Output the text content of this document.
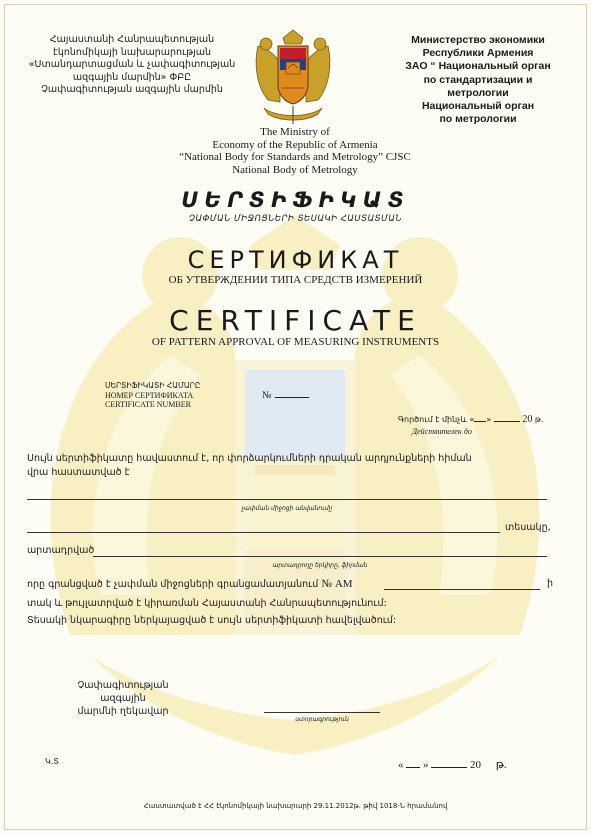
Հայաստանի Հանրապետության
էկոնոմիկայի նախարարության
«Ստանդարտացման և չափագիտության
ազգային մարմին» ՓԲԸ
Չափագիտության ազգային մարմին
Министерство экономики
Республики Армения
ЗАО “ Национальный орган
по стандартизации и метрологии
Национальный орган
по метрологии
The Ministry of
Economy of the Republic of Armenia
“National Body for Standards and Metrology” CJSC
National Body of Metrology
ՍԵՐՏԻՖԻԿԱՏ
ՉԱՓՄԱՆ ՄԻՋՈՑՆԵՐԻ ՏԵՍԱԿԻ ՀԱՍՏԱՏՄԱՆ
СЕРТИФИКАТ
ОБ УТВЕРЖДЕНИИ ТИПА СРЕДСТВ ИЗМЕРЕНИЙ
CERTIFICATE
OF PATTERN APPROVAL OF MEASURING INSTRUMENTS
ՍԵՐՏԻՖԻԿԱՏԻ ՀԱՄԱՐԸ
НОМЕР СЕРТИФИКАТА
CERTIFICATE NUMBER
№
Գործում է մինչև « »	20 թ.
Действителен до
Սույն սերտիֆիկատը հավաստում է, որ փորձարկումների դրական արդյունքների հիման
վրա հաստատված է
չափման միջոցի անվանումը
տեսակը,
արտադրված
արտադրողը երկիրը, ֆիրման
որը գրանցված է չափման միջոցների գրանցամատյանում № AM	ի
տակ և թույլատրված է կիրառման Հայաստանի Հանրապետությունում:
Տեսակի նկարագիրը ներկայացված է սույն սերտիֆիկատի հավելվածում:
Չափագիտության ազգային
մարմնի ղեկավար
ստորագրություն
Կ.Տ	« »	20 թ.
Հաստատված է ՀՀ էկոնոմիկայի նախարարի 29.11.2012թ. թիվ 1018-Ն հրամանով
